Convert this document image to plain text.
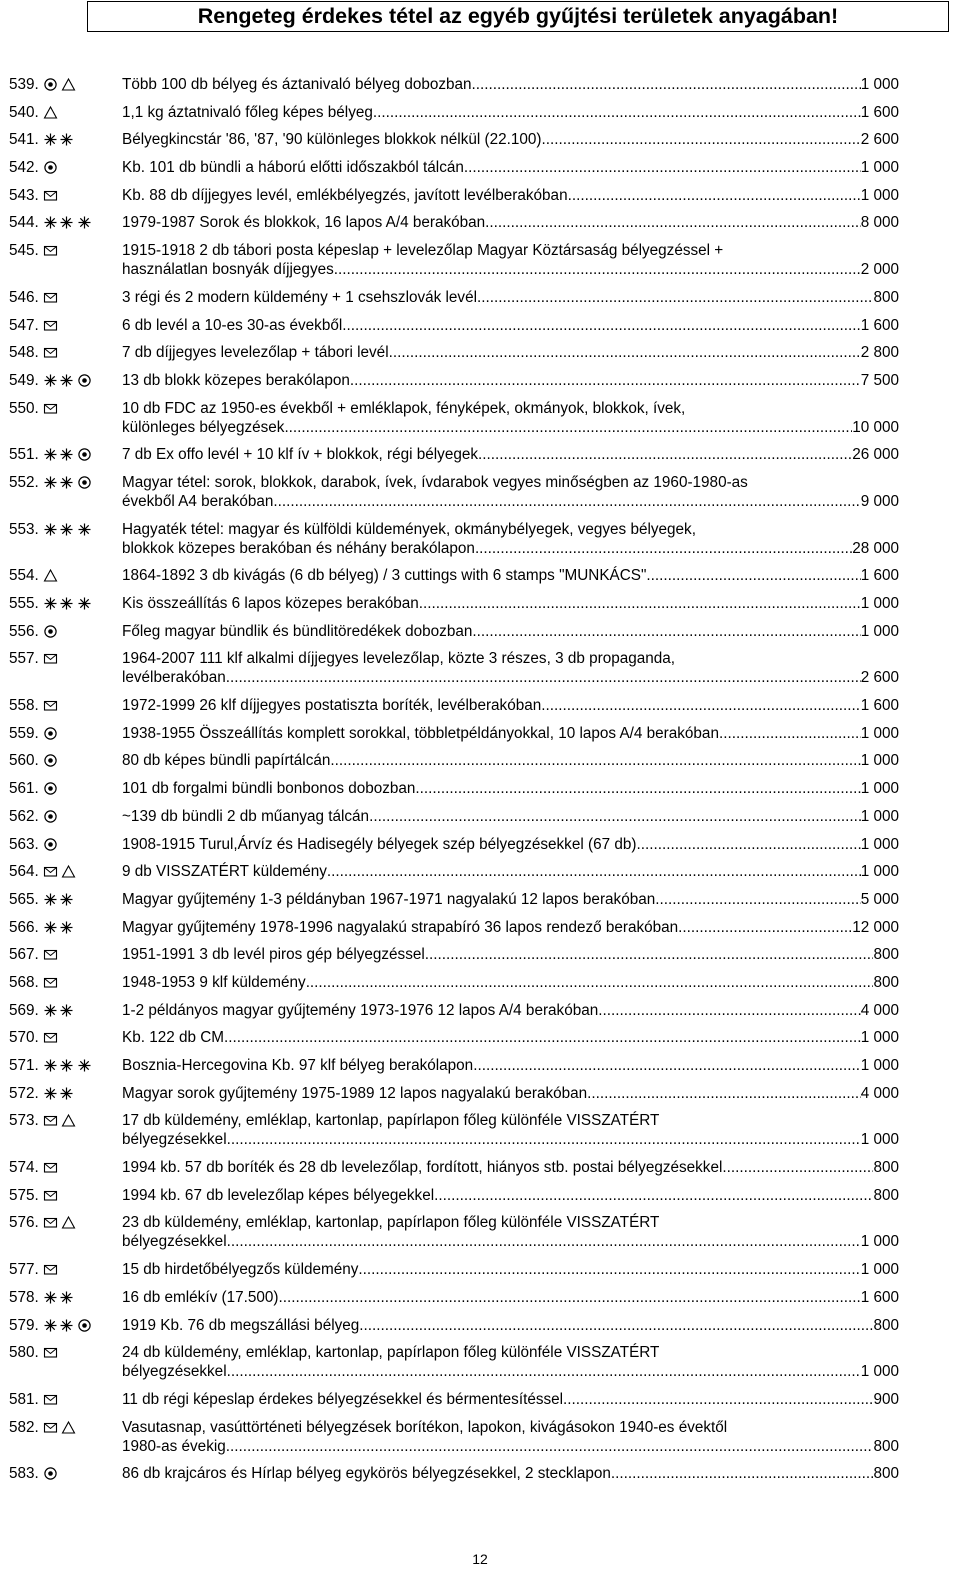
Rengeteg érdekes tétel az egyéb gyűjtési területek anyagában!
539.	Több 100 db bélyeg és áztanivaló bélyeg dobozban .....	1 000
540.	1,1 kg áztatnivaló főleg képes bélyeg .....	1 600
541.	Bélyegkincstár '86, '87, '90 különleges blokkok nélkül (22.100) .....	2 600
542.	Kb. 101 db bündli a háború előtti időszakból tálcán .....	1 000
543.	Kb. 88 db díjjegyes levél, emlékbélyegzés, javított levélberakóban .....	1 000
544.	1979-1987 Sorok és blokkok, 16 lapos A/4 berakóban .....	8 000
545.	1915-1918 2 db tábori posta képeslap + levelezőlap Magyar Köztársaság bélyegzéssel +
használatlan bosnyák díjjegyes .....	2 000
546.	3 régi és 2 modern küldemény + 1 csehszlovák levél .....	800
547.	6 db levél a 10-es 30-as évekből .....	1 600
548.	7 db díjjegyes levelezőlap + tábori levél .....	2 800
549.	13 db blokk közepes berakólapon .....	7 500
550.	10 db FDC az 1950-es évekből + emléklapok, fényképek, okmányok, blokkok, ívek,
különleges bélyegzések .....	10 000
551.	7 db Ex offo levél + 10 klf ív + blokkok, régi bélyegek .....	26 000
552.	Magyar tétel: sorok, blokkok, darabok, ívek, ívdarabok vegyes minőségben az 1960-1980-as
évekből A4 berakóban .....	9 000
553.	Hagyaték tétel: magyar és külföldi küldemények, okmánybélyegek, vegyes bélyegek,
blokkok közepes berakóban és néhány berakólapon .....	28 000
554.	1864-1892 3 db kivágás (6 db bélyeg) / 3 cuttings with 6 stamps "MUNKÁCS" .....	1 600
555.	Kis összeállítás 6 lapos közepes berakóban .....	1 000
556.	Főleg magyar bündlik és bündlitöredékek dobozban .....	1 000
557.	1964-2007 111 klf alkalmi díjjegyes levelezőlap, közte 3 részes, 3 db propaganda,
levélberakóban .....	2 600
558.	1972-1999 26 klf díjjegyes postatiszta boríték, levélberakóban .....	1 600
559.	1938-1955 Összeállítás komplett sorokkal, többletpéldányokkal, 10 lapos A/4 berakóban .....	1 000
560.	80 db képes bündli papírtálcán .....	1 000
561.	101 db forgalmi bündli bonbonos dobozban .....	1 000
562.	~139 db bündli 2 db műanyag tálcán .....	1 000
563.	1908-1915 Turul,Árvíz és Hadisegély bélyegek szép bélyegzésekkel (67 db) .....	1 000
564.	9 db VISSZATÉRT küldemény .....	1 000
565.	Magyar gyűjtemény 1-3 példányban 1967-1971 nagyalakú 12 lapos berakóban .....	5 000
566.	Magyar gyűjtemény 1978-1996 nagyalakú strapabíró 36 lapos rendező berakóban. .....	12 000
567.	1951-1991 3 db levél piros gép bélyegzéssel .....	800
568.	1948-1953 9 klf küldemény .....	800
569.	1-2 példányos magyar gyűjtemény 1973-1976 12 lapos A/4 berakóban .....	4 000
570.	Kb. 122 db CM .....	1 000
571.	Bosznia-Hercegovina Kb. 97 klf bélyeg berakólapon .....	1 000
572.	Magyar sorok gyűjtemény 1975-1989 12 lapos nagyalakú berakóban .....	4 000
573.	17 db küldemény, emléklap, kartonlap, papírlapon főleg különféle VISSZATÉRT
bélyegzésekkel .....	1 000
574.	1994 kb. 57 db boríték és 28 db levelezőlap, fordított, hiányos stb. postai bélyegzésekkel .....	800
575.	1994 kb. 67 db levelezőlap képes bélyegekkel .....	800
576.	23 db küldemény, emléklap, kartonlap, papírlapon főleg különféle VISSZATÉRT
bélyegzésekkel .....	1 000
577.	15 db hirdetőbélyegzős küldemény .....	1 000
578.	16 db emlékív (17.500) .....	1 600
579.	1919 Kb. 76 db megszállási bélyeg .....	800
580.	24 db küldemény, emléklap, kartonlap, papírlapon főleg különféle VISSZATÉRT
bélyegzésekkel .....	1 000
581.	11 db régi képeslap érdekes bélyegzésekkel és bérmentesítéssel .....	900
582.	Vasutasnap, vasúttörténeti bélyegzések borítékon, lapokon, kivágásokon 1940-es évektől
1980-as évekig .....	800
583.	86 db krajcáros és Hírlap bélyeg egykörös bélyegzésekkel, 2 stecklapon .....	800
12
